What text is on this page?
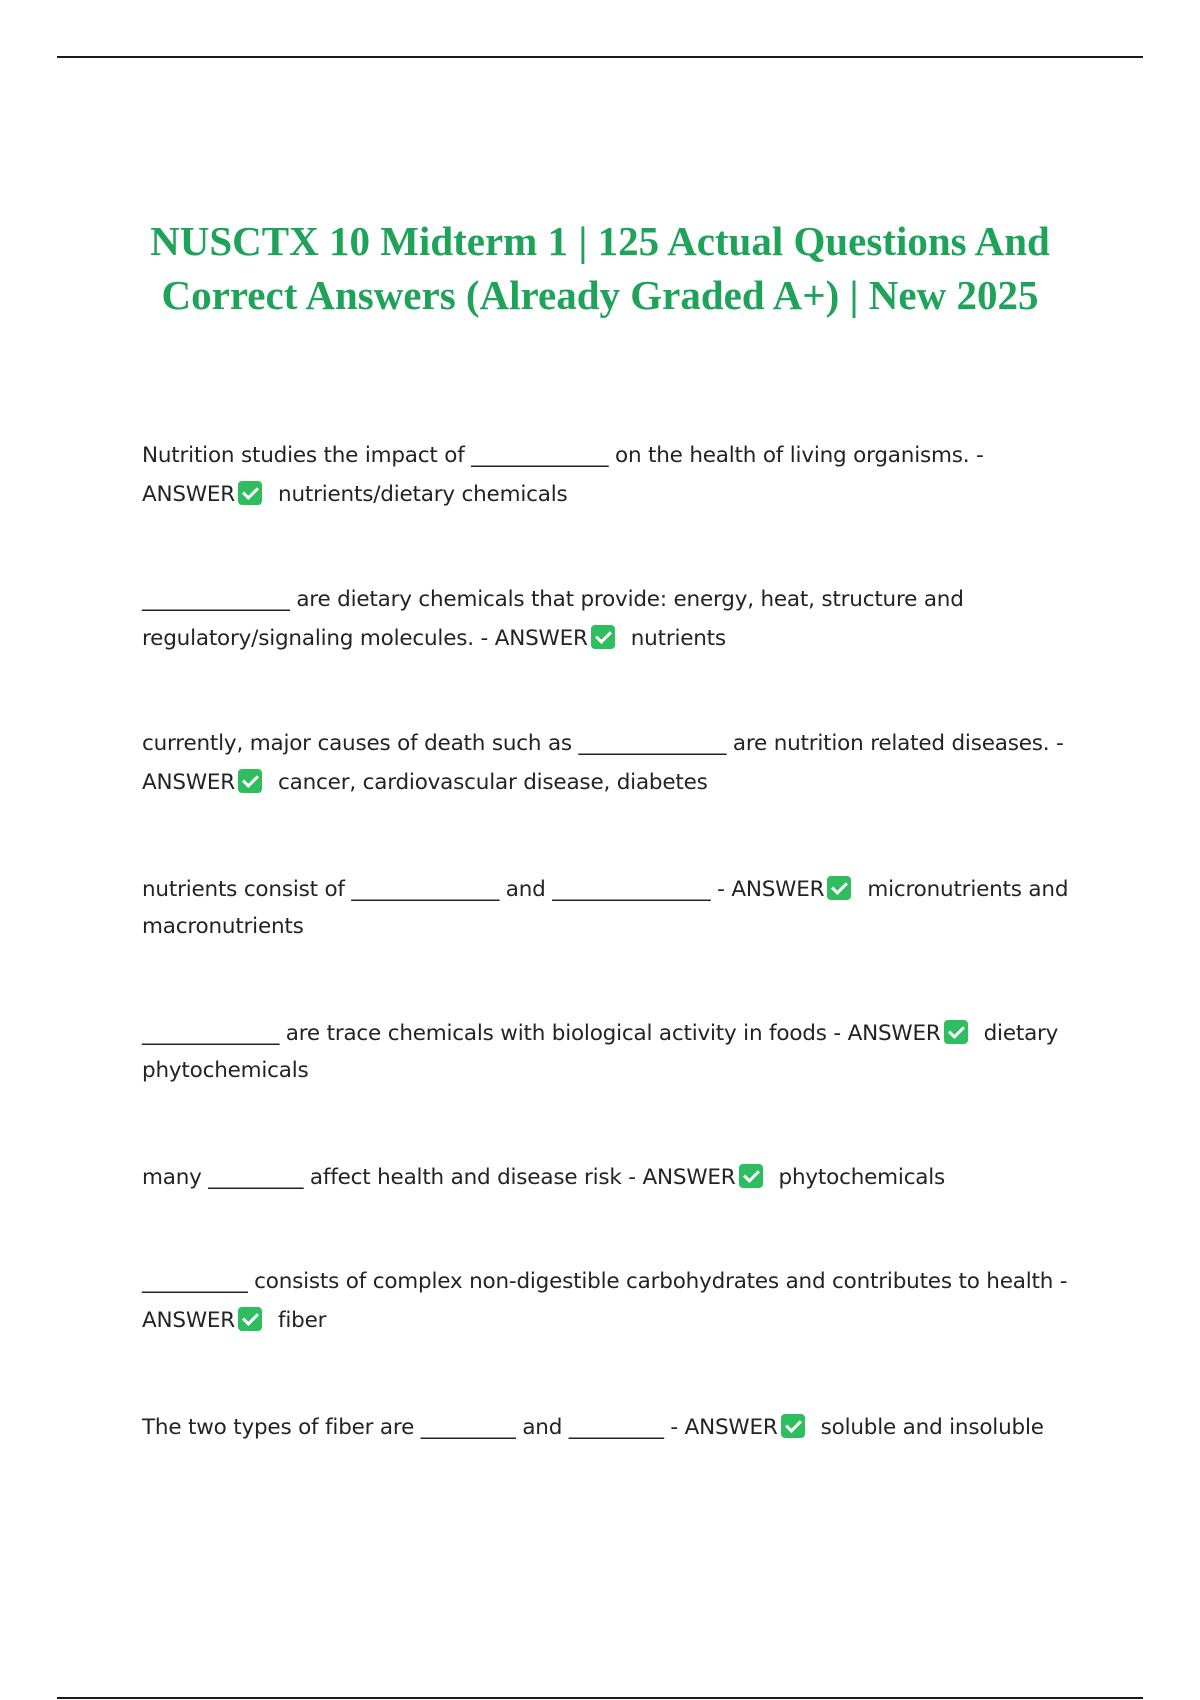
NUSCTX 10 Midterm 1 | 125 Actual Questions And Correct Answers (Already Graded A+) | New 2025

Nutrition studies the impact of _____________ on the health of living organisms. - ANSWER nutrients/dietary chemicals

______________ are dietary chemicals that provide: energy, heat, structure and regulatory/signaling molecules. - ANSWER nutrients

currently, major causes of death such as ______________ are nutrition related diseases. - ANSWER cancer, cardiovascular disease, diabetes

nutrients consist of ______________ and _______________ - ANSWER micronutrients and macronutrients

_____________ are trace chemicals with biological activity in foods - ANSWER dietary phytochemicals

many _________ affect health and disease risk - ANSWER phytochemicals

__________ consists of complex non-digestible carbohydrates and contributes to health - ANSWER fiber

The two types of fiber are _________ and _________ - ANSWER soluble and insoluble
